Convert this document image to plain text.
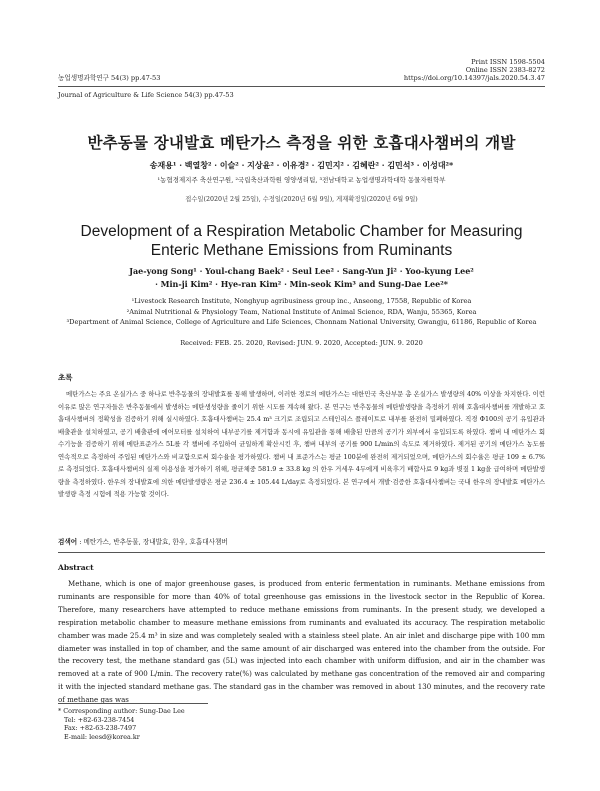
Print ISSN 1598-5504
Online ISSN 2383-8272
https://doi.org/10.14397/jals.2020.54.3.47
농업생명과학연구 54(3) pp.47-53
Journal of Agriculture & Life Science 54(3) pp.47-53
반추동물 장내발효 메탄가스 측정을 위한 호흡대사챔버의 개발
송재용¹ · 백열창² · 이슬² · 지상윤² · 이유경² · 김민지² · 김혜란² · 김민석³ · 이성대²*
¹농협경제지주 축산연구원, ²국립축산과학원 영양생리팀, ³전남대학교 농업생명과학대학 동물자원학부
접수일(2020년 2월 25일), 수정일(2020년 6월 9일), 게재확정일(2020년 6월 9일)
Development of a Respiration Metabolic Chamber for Measuring
Enteric Methane Emissions from Ruminants
Jae-yong Song¹ · Youl-chang Baek² · Seul Lee² · Sang-Yun Ji² · Yoo-kyung Lee²
· Min-ji Kim² · Hye-ran Kim² · Min-seok Kim³ and Sung-Dae Lee²*
¹Livestock Research Institute, Nonghyup agribusiness group inc., Anseong, 17558, Republic of Korea
²Animal Nutritional & Physiology Team, National Institute of Animal Science, RDA, Wanju, 55365, Korea
³Department of Animal Science, College of Agriculture and Life Sciences, Chonnam National University, Gwangju, 61186, Republic of Korea
Received: FEB. 25. 2020, Revised: JUN. 9. 2020, Accepted: JUN. 9. 2020
초록
메탄가스는 주요 온실가스 중 하나로 반추동물의 장내발효를 통해 발생하며, 이러한 경로의 메탄가스는 대한민국 축산부문 총 온실가스 발생량의 40% 이상을 차지한다. 이런 이유로 많은 연구자들은 반추동물에서 발생하는 메탄생성량을 줄이기 위한 시도를 계속해 왔다. 본 연구는 반추동물의 메탄발생량을 측정하기 위해 호흡대사챔버를 개발하고 호흡대사챔버의 정확성을 검증하기 위해 실시하였다. 호흡대사챔버는 25.4 m³ 크기로 조립되고 스테인리스 플레이트로 내부를 완전히 밀폐하였다. 직경 Φ100의 공기 유입관과 배출관을 설치하였고, 공기 배출관에 에어모터를 설치하여 내부공기를 제거함과 동시에 유입관을 통해 배출된 만큼의 공기가 외부에서 유입되도록 하였다. 챔버 내 메탄가스 회수기능을 검증하기 위해 메탄표준가스 5L를 각 챔버에 주입하여 균일하게 확산시킨 후, 챔버 내부의 공기를 900 L/min의 속도로 제거하였다. 제거된 공기의 메탄가스 농도를 연속적으로 측정하여 주입된 메탄가스와 비교함으로써 회수율을 평가하였다. 챔버 내 표준가스는 평균 100분에 완전히 제거되었으며, 메탄가스의 회수율은 평균 109 ± 6.7%로 측정되었다. 호흡대사챔버의 실제 이용성을 평가하기 위해, 평균체중 581.9 ± 33.8 kg 의 한우 거세우 4두에게 비육후기 배합사료 9 kg과 볏짚 1 kg을 급여하며 메탄발생량을 측정하였다. 한우의 장내발효에 의한 메탄발생량은 평균 236.4 ± 105.44 L/day로 측정되었다. 본 연구에서 개발·검증한 호흡대사챔버는 국내 한우의 장내발효 메탄가스발생량 측정 시험에 적용 가능할 것이다.
검색어 : 메탄가스, 반추동물, 장내발효, 한우, 호흡대사챔버
Abstract
Methane, which is one of major greenhouse gases, is produced from enteric fermentation in ruminants. Methane emissions from ruminants are responsible for more than 40% of total greenhouse gas emissions in the livestock sector in the Republic of Korea. Therefore, many researchers have attempted to reduce methane emissions from ruminants. In the present study, we developed a respiration metabolic chamber to measure methane emissions from ruminants and evaluated its accuracy. The respiration metabolic chamber was made 25.4 m³ in size and was completely sealed with a stainless steel plate. An air inlet and discharge pipe with 100 mm diameter was installed in top of chamber, and the same amount of air discharged was entered into the chamber from the outside. For the recovery test, the methane standard gas (5L) was injected into each chamber with uniform diffusion, and air in the chamber was removed at a rate of 900 L/min. The recovery rate(%) was calculated by methane gas concentration of the removed air and comparing it with the injected standard methane gas. The standard gas in the chamber was removed in about 130 minutes, and the recovery rate of methane gas was
* Corresponding author: Sung-Dae Lee
Tel: +82-63-238-7454
Fax: +82-63-238-7497
E-mail: leesd@korea.kr
